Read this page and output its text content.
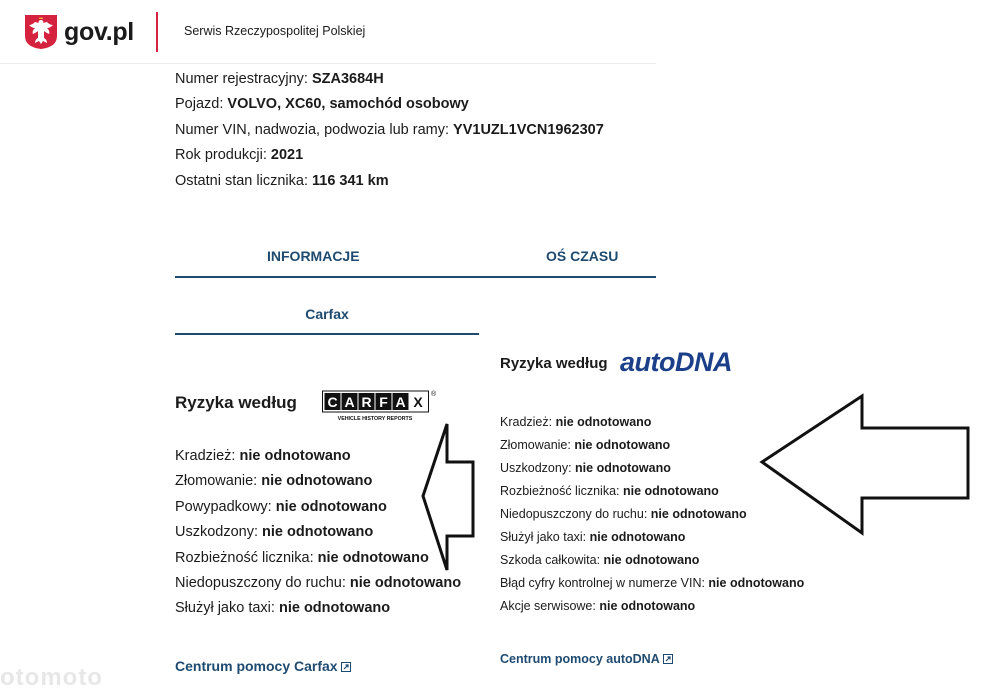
gov.pl	Serwis Rzeczypospolitej Polskiej
Numer rejestracyjny: SZA3684H
Pojazd: VOLVO, XC60, samochód osobowy
Numer VIN, nadwozia, podwozia lub ramy: YV1UZL1VCN1962307
Rok produkcji: 2021
Ostatni stan licznika: 116 341 km
INFORMACJE	OŚ CZASU
Carfax
Ryzyka według C A R F A X ®
VEHICLE HISTORY REPORTS
Kradzież: nie odnotowano
Złomowanie: nie odnotowano
Powypadkowy: nie odnotowano
Uszkodzony: nie odnotowano
Rozbieżność licznika: nie odnotowano
Niedopuszczony do ruchu: nie odnotowano
Służył jako taxi: nie odnotowano
Centrum pomocy Carfax
Ryzyka według autoDNA
Kradzież: nie odnotowano
Złomowanie: nie odnotowano
Uszkodzony: nie odnotowano
Rozbieżność licznika: nie odnotowano
Niedopuszczony do ruchu: nie odnotowano
Służył jako taxi: nie odnotowano
Szkoda całkowita: nie odnotowano
Błąd cyfry kontrolnej w numerze VIN: nie odnotowano
Akcje serwisowe: nie odnotowano
Centrum pomocy autoDNA
otomoto
